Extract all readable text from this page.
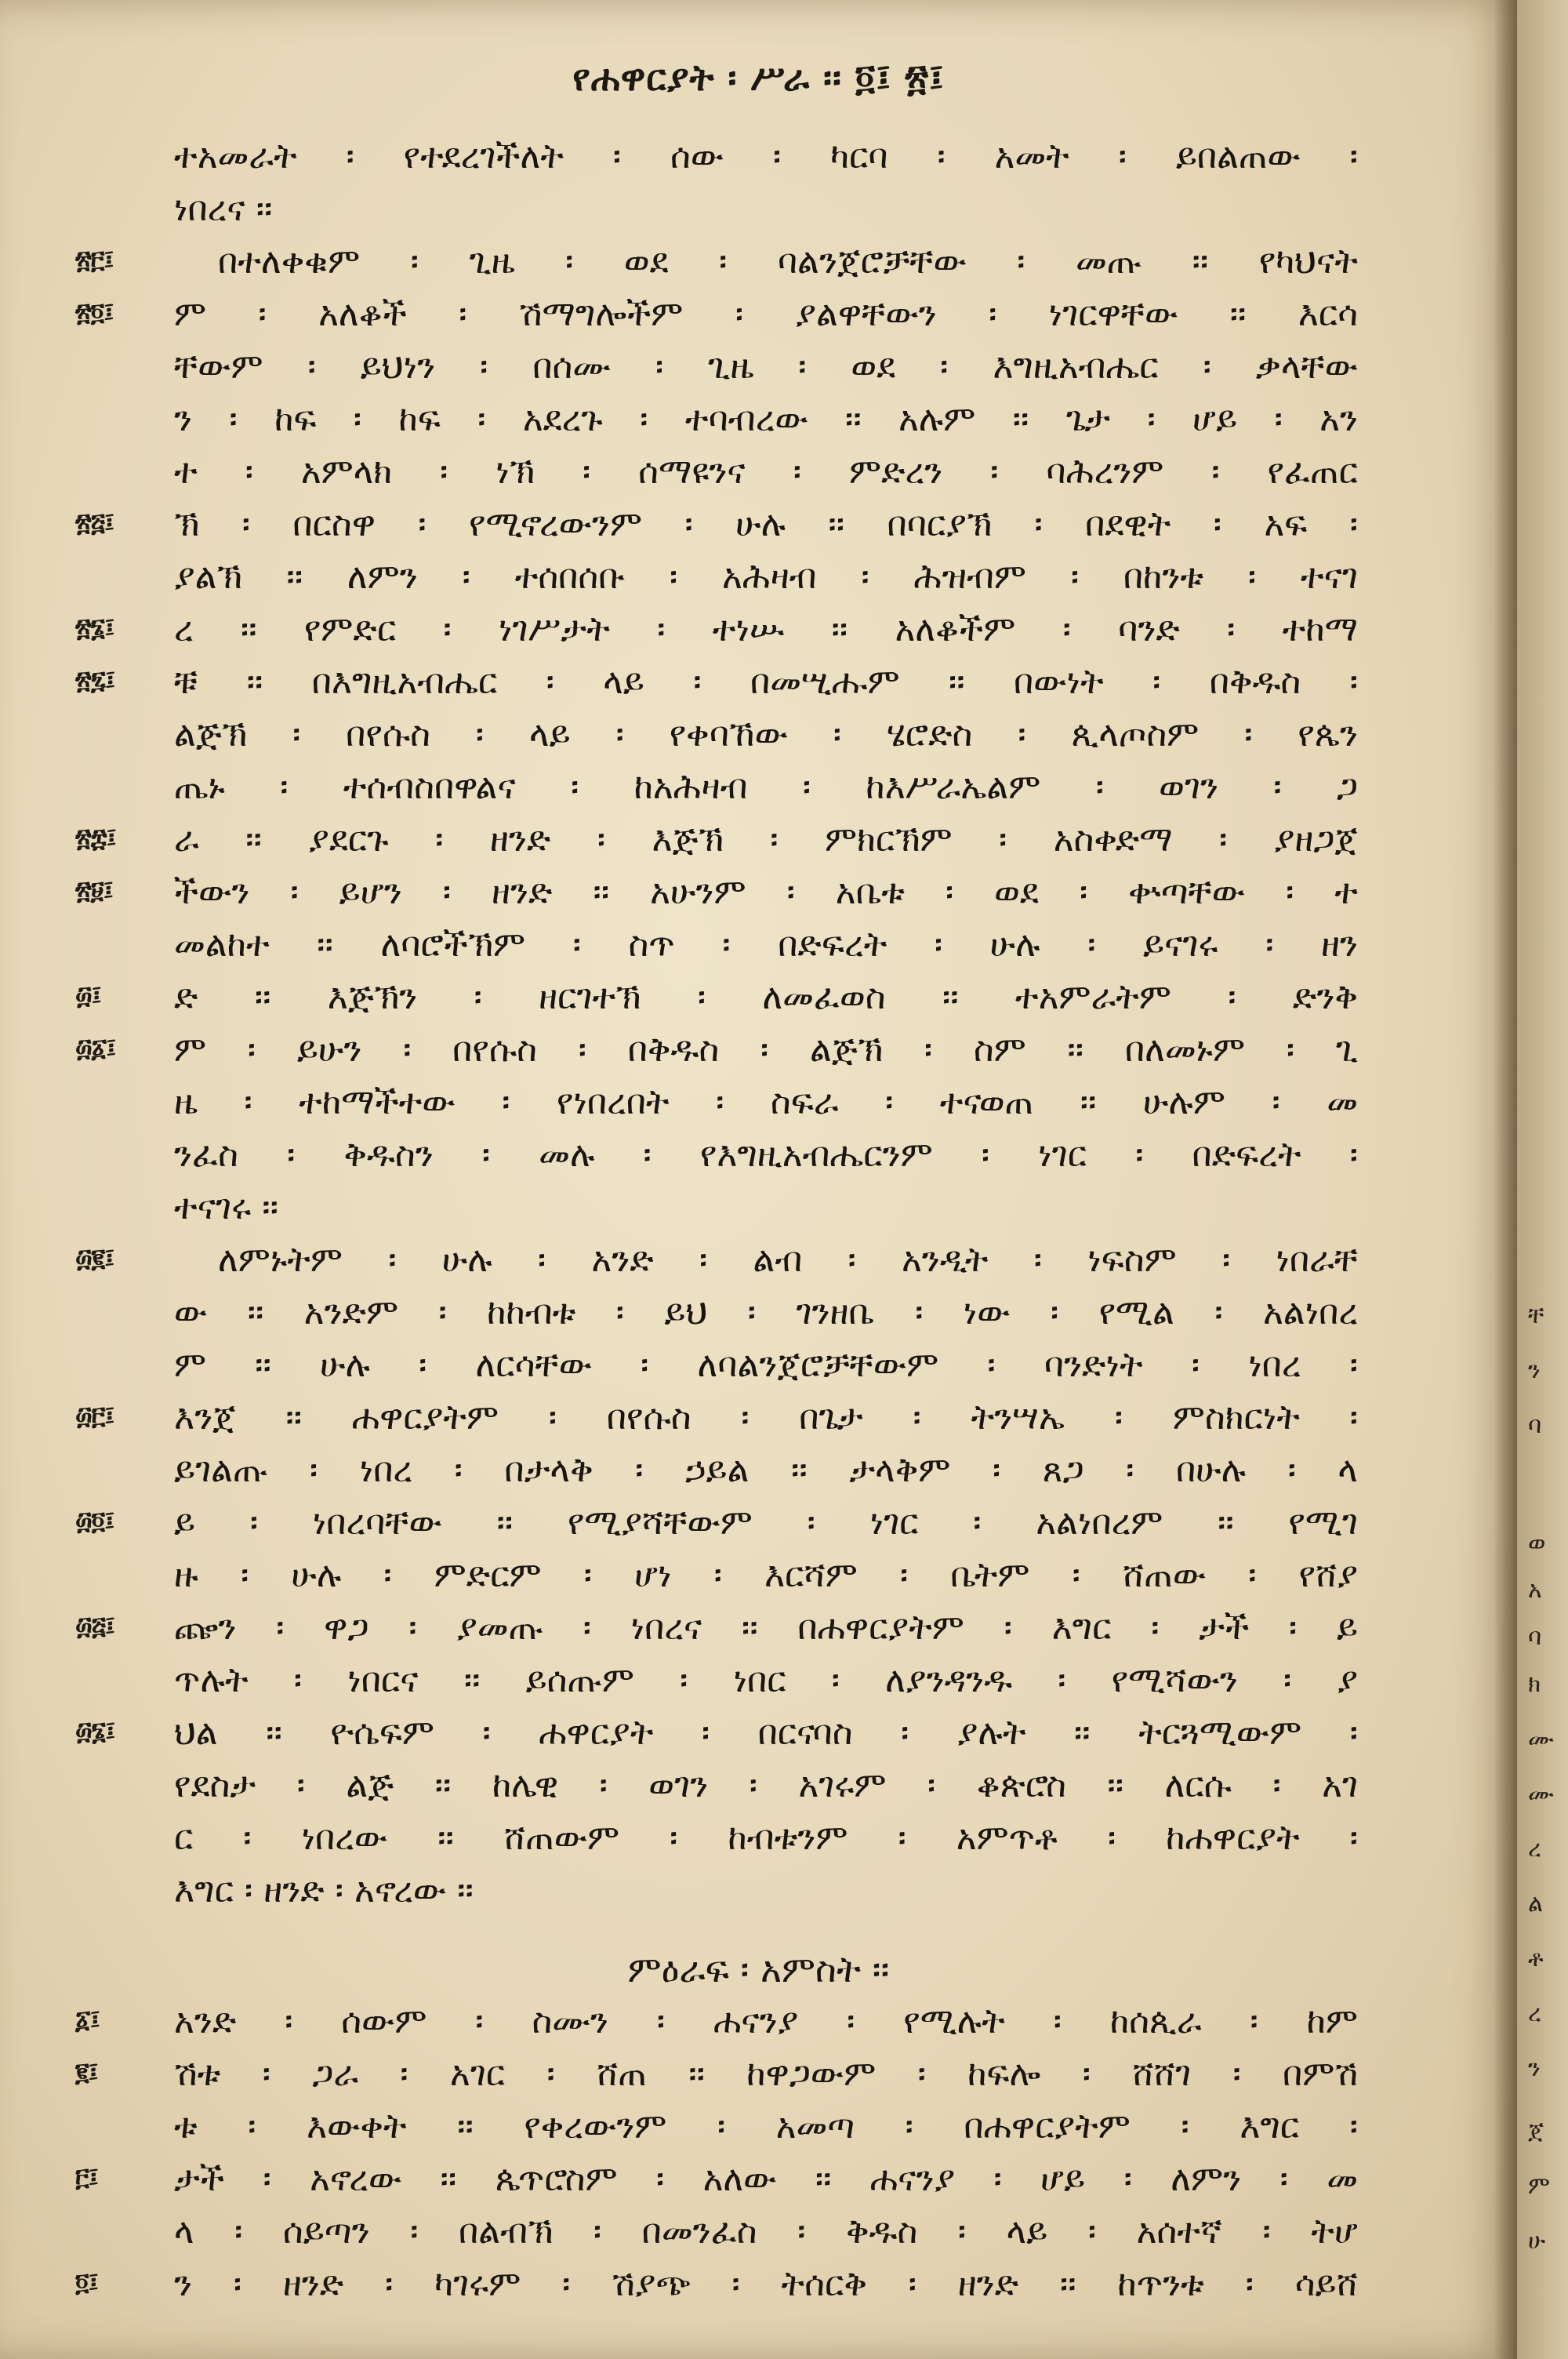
የሐዋርያት ፡ ሥራ ፡፡ ፬፤ ፳፤
ተአመራት ፡ የተደረገችለት ፡ ሰው ፡ ካርባ ፡ አመት ፡ ይበልጠው ፡
ነበረና ፡፡
፳፫፤	በተለቀቁም ፡ ጊዜ ፡ ወደ ፡ ባልንጀሮቻቸው ፡ መጡ ፡፡ የካህናት
፳፬፤ ም ፡ አለቆች ፡ ሽማግሎችም ፡ ያልዋቸውን ፡ ነገርዋቸው ፡፡ እርሳ
ቸውም ፡ ይህነን ፡ በሰሙ ፡ ጊዜ ፡ ወደ ፡ እግዚአብሔር ፡ ቃላቸው
ን ፡ ከፍ ፡ ከፍ ፡ አደረጉ ፡ ተባብረው ፡፡ አሉም ፡፡ ጌታ ፡ ሆይ ፡ አን
ተ ፡ አምላክ ፡ ነኽ ፡ ሰማዩንና ፡ ምድረን ፡ ባሕረንም ፡ የፈጠር
፳፭፤ ኽ ፡ በርስዋ ፡ የሚኖረውንም ፡ ሁሉ ፡፡ በባርያኽ ፡ በደዊት ፡ አፍ ፡
ያልኽ ፡፡ ለምን ፡ ተሰበሰቡ ፡ አሕዛብ ፡ ሕዝብም ፡ በከንቱ ፡ ተናገ
፳፮፤ ረ ፡፡ የምድር ፡ ነገሥታት ፡ ተነሡ ፡፡ አለቆችም ፡ ባንድ ፡ ተከማ
፳፯፤ ቹ ፡፡ በእግዚአብሔር ፡ ላይ ፡ በመሢሑም ፡፡ በውነት ፡ በቅዱስ ፡
ልጅኽ ፡ በየሱስ ፡ ላይ ፡ የቀባኸው ፡ ሄሮድስ ፡ ጲላጦስም ፡ የጴን
ጤኑ ፡ ተሰብስበዋልና ፡ ከአሕዛብ ፡ ከእሥራኤልም ፡ ወገን ፡ ጋ
፳፰፤ ራ ፡፡ ያደርጉ ፡ ዘንድ ፡ እጅኽ ፡ ምክርኽም ፡ አስቀድማ ፡ ያዘጋጀ
፳፱፤ ችውን ፡ ይሆን ፡ ዘንድ ፡፡ አሁንም ፡ አቤቱ ፡ ወደ ፡ ቍጣቸው ፡ ተ
መልከተ ፡፡ ለባሮችኽም ፡ ስጥ ፡ በድፍረት ፡ ሁሉ ፡ ይናገሩ ፡ ዘን
፴፤ ድ ፡፡ እጅኽን ፡ ዘርገተኽ ፡ ለመፈወስ ፡፡ ተአምራትም ፡ ድንቅ
፴፩፤ ም ፡ ይሁን ፡ በየሱስ ፡ በቅዱስ ፡ ልጅኽ ፡ ስም ፡፡ በለመኑም ፡ ጊ
ዜ ፡ ተከማችተው ፡ የነበረበት ፡ ስፍራ ፡ ተናወጠ ፡፡ ሁሉም ፡ መ
ንፈስ ፡ ቅዱስን ፡ መሉ ፡ የእግዚአብሔርንም ፡ ነገር ፡ በድፍረት ፡
ተናገሩ ፡፡
፴፪፤	ለምኑትም ፡ ሁሉ ፡ አንድ ፡ ልብ ፡ አንዲት ፡ ነፍስም ፡ ነበራቸ
ው ፡፡ አንድም ፡ ከከብቱ ፡ ይህ ፡ ገንዘቤ ፡ ነው ፡ የሚል ፡ አልነበረ
ም ፡፡ ሁሉ ፡ ለርሳቸው ፡ ለባልንጀሮቻቸውም ፡ ባንድነት ፡ ነበረ ፡
፴፫፤ እንጀ ፡፡ ሐዋርያትም ፡ በየሱስ ፡ በጌታ ፡ ትንሣኤ ፡ ምስክርነት ፡
ይገልጡ ፡ ነበረ ፡ በታላቅ ፡ ኃይል ፡፡ ታላቅም ፡ ጸጋ ፡ በሁሉ ፡ ላ
፴፬፤ ይ ፡ ነበረባቸው ፡፡ የሚያሻቸውም ፡ ነገር ፡ አልነበረም ፡፡ የሚገ
ዙ ፡ ሁሉ ፡ ምድርም ፡ ሆነ ፡ እርሻም ፡ ቤትም ፡ ሸጠው ፡ የሸያ
፴፭፤ ጬን ፡ ዋጋ ፡ ያመጡ ፡ ነበረና ፡፡ በሐዋርያትም ፡ እግር ፡ ታች ፡ ይ
ጥሉት ፡ ነበርና ፡፡ ይሰጡም ፡ ነበር ፡ ለያንዳንዱ ፡ የሚሻውን ፡ ያ
፴፮፤ ህል ፡፡ ዮሴፍም ፡ ሐዋርያት ፡ በርናባስ ፡ ያሉት ፡፡ ትርጓሚውም ፡
የደስታ ፡ ልጅ ፡፡ ከሌዊ ፡ ወገን ፡ አገሩም ፡ ቆጵሮስ ፡፡ ለርሱ ፡ አገ
ር ፡ ነበረው ፡፡ ሸጠውም ፡ ከብቱንም ፡ አምጥቶ ፡ ከሐዋርያት ፡
እግር ፡ ዘንድ ፡ አኖረው ፡፡
ምዕራፍ ፡ አምስት ፡፡
፩፤ አንድ ፡ ሰውም ፡ ስሙን ፡ ሐናንያ ፡ የሚሉት ፡ ከሰጲራ ፡ ከም
፪፤ ሽቱ ፡ ጋራ ፡ አገር ፡ ሸጠ ፡፡ ከዋጋውም ፡ ከፍሎ ፡ ሸሸገ ፡ በምሽ
ቱ ፡ እውቀት ፡፡ የቀረውንም ፡ አመጣ ፡ በሐዋርያትም ፡ እግር ፡
፫፤ ታች ፡ አኖረው ፡፡ ጴጥሮስም ፡ አለው ፡፡ ሐናንያ ፡ ሆይ ፡ ለምን ፡ መ
ላ ፡ ሰይጣን ፡ በልብኽ ፡ በመንፈስ ፡ ቅዱስ ፡ ላይ ፡ አሰተኛ ፡ ትሆ
፬፤ ን ፡ ዘንድ ፡ ካገሩም ፡ ሽያጭ ፡ ትሰርቅ ፡ ዘንድ ፡፡ ከጥንቱ ፡ ሳይሸ
ቸ
ን
ባ
ወ
አ
ባ
ክ
ሙ
ሙ
ረ
ል
ቶ
ረ
ን
ጀ
ም
ሁ
